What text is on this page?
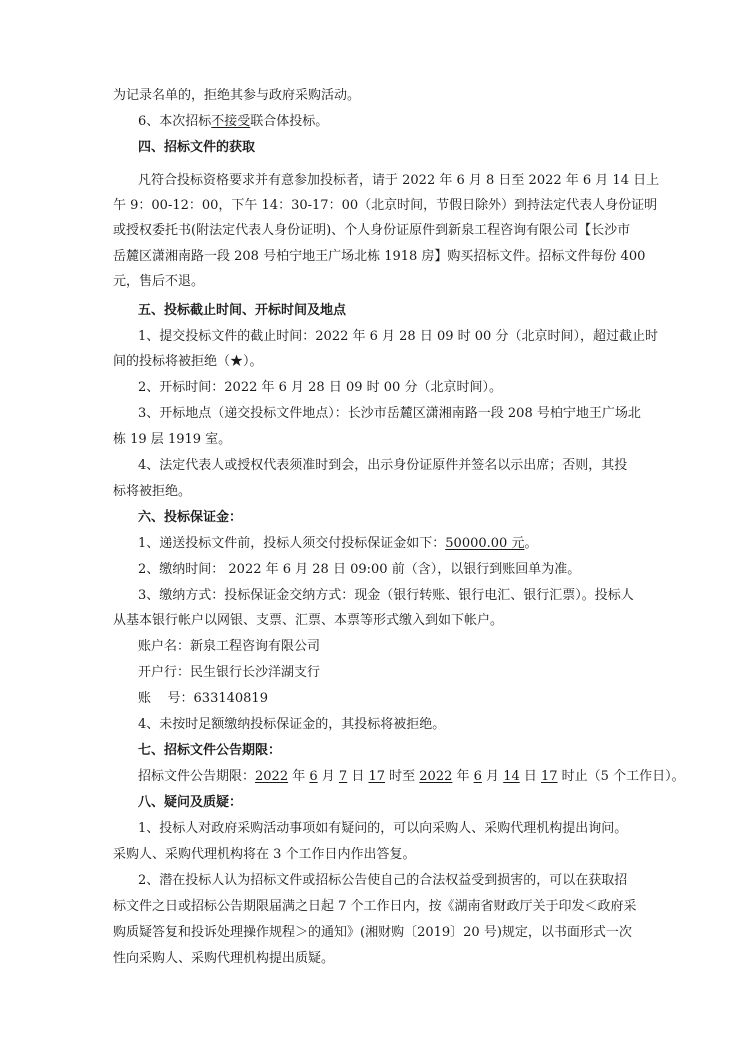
为记录名单的，拒绝其参与政府采购活动。
6、本次招标不接受联合体投标。
四、招标文件的获取
凡符合投标资格要求并有意参加投标者，请于 2022 年 6 月 8 日至 2022 年 6 月 14 日上
午 9：00-12：00，下午 14：30-17：00（北京时间，节假日除外）到持法定代表人身份证明
或授权委托书(附法定代表人身份证明)、个人身份证原件到新泉工程咨询有限公司【长沙市
岳麓区潇湘南路一段 208 号柏宁地王广场北栋 1918 房】购买招标文件。招标文件每份 400
元，售后不退。
五、投标截止时间、开标时间及地点
1、提交投标文件的截止时间：2022 年 6 月 28 日 09 时 00 分（北京时间），超过截止时
间的投标将被拒绝（★）。
2、开标时间：2022 年 6 月 28 日 09 时 00 分（北京时间）。
3、开标地点（递交投标文件地点）：长沙市岳麓区潇湘南路一段 208 号柏宁地王广场北
栋 19 层 1919 室。
4、法定代表人或授权代表须准时到会，出示身份证原件并签名以示出席；否则，其投
标将被拒绝。
六、投标保证金：
1、递送投标文件前，投标人须交付投标保证金如下：50000.00 元。
2、缴纳时间： 2022 年 6 月 28 日 09:00 前（含），以银行到账回单为准。
3、缴纳方式：投标保证金交纳方式：现金（银行转账、银行电汇、银行汇票）。投标人
从基本银行帐户以网银、支票、汇票、本票等形式缴入到如下帐户。
账户名：新泉工程咨询有限公司
开户行：民生银行长沙洋湖支行
账    号：633140819
4、未按时足额缴纳投标保证金的，其投标将被拒绝。
七、招标文件公告期限：
招标文件公告期限：2022 年 6 月 7 日 17 时至 2022 年 6 月 14 日 17 时止（5 个工作日）。
八、疑问及质疑：
1、投标人对政府采购活动事项如有疑问的，可以向采购人、采购代理机构提出询问。
采购人、采购代理机构将在 3 个工作日内作出答复。
2、潜在投标人认为招标文件或招标公告使自己的合法权益受到损害的，可以在获取招
标文件之日或招标公告期限届满之日起 7 个工作日内，按《湖南省财政厅关于印发＜政府采
购质疑答复和投诉处理操作规程＞的通知》(湘财购〔2019〕20 号)规定，以书面形式一次
性向采购人、采购代理机构提出质疑。
